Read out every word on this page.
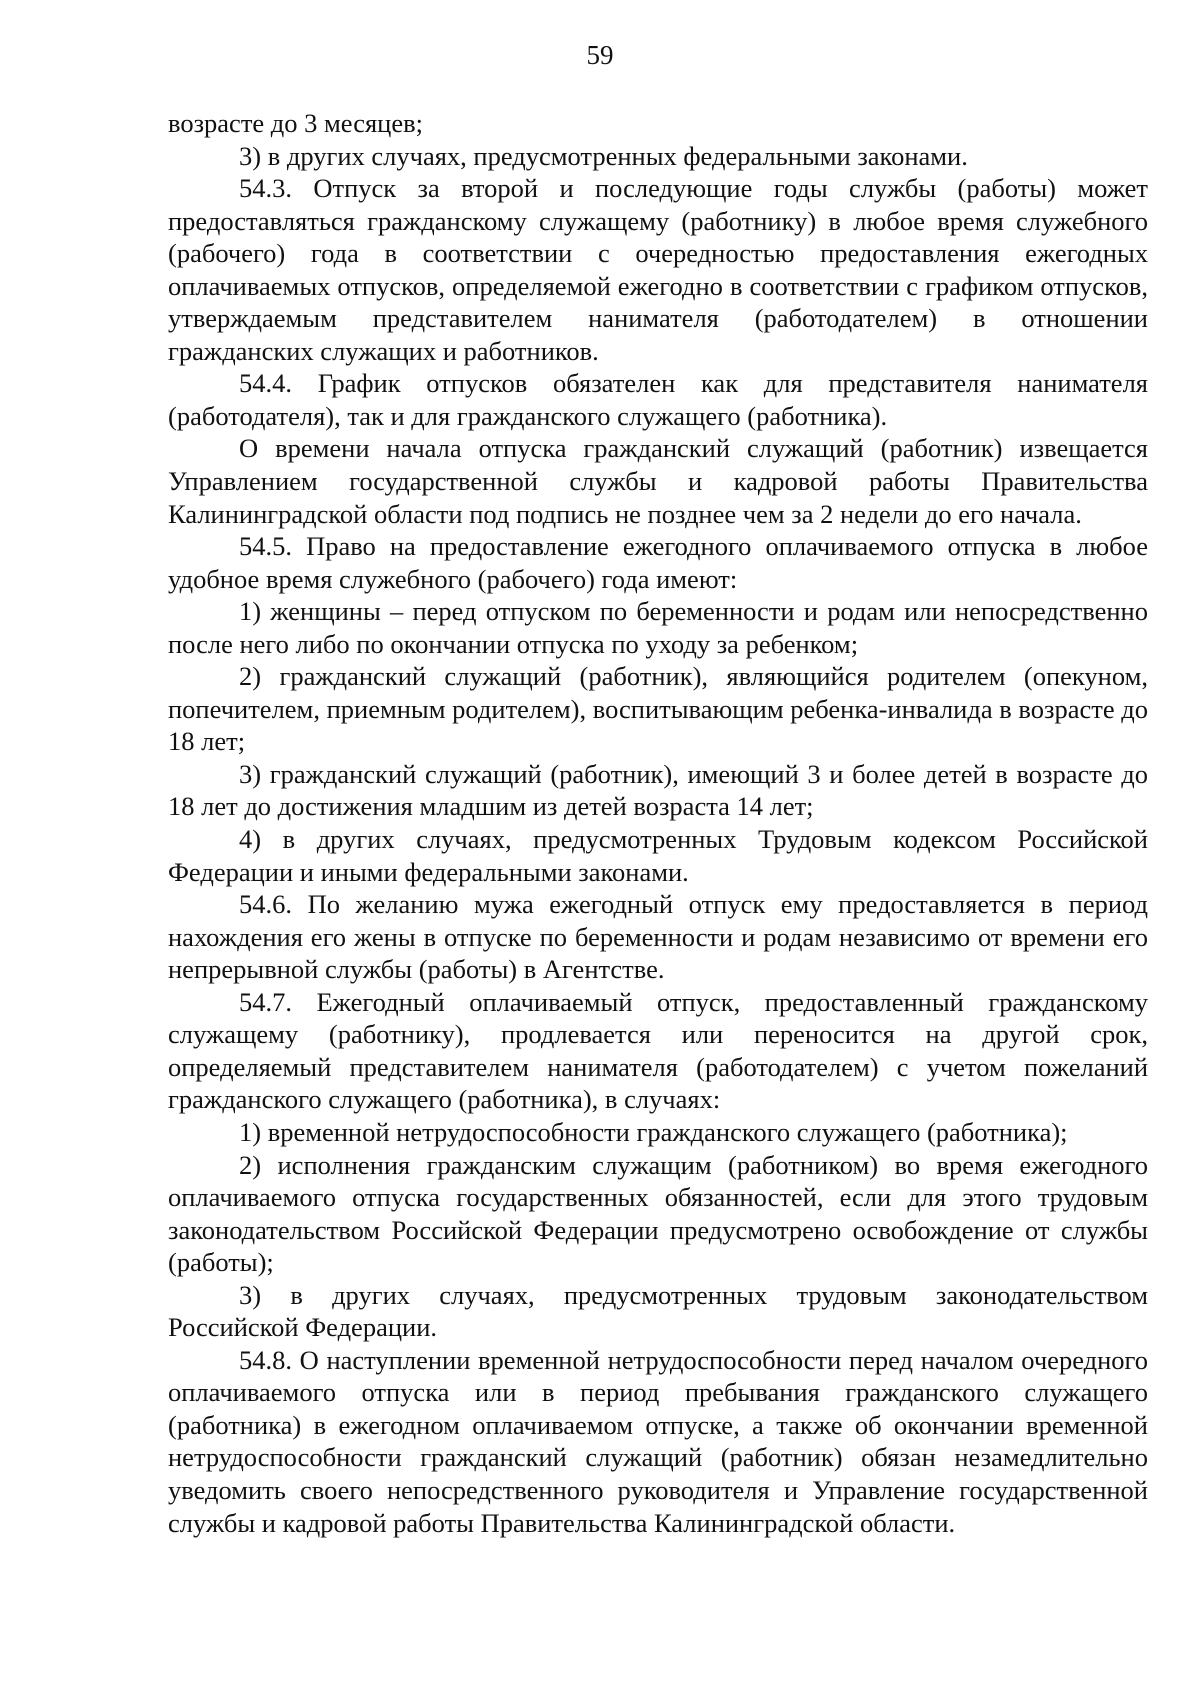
59

возрасте до 3 месяцев;

3) в других случаях, предусмотренных федеральными законами.

54.3. Отпуск за второй и последующие годы службы (работы) может предоставляться гражданскому служащему (работнику) в любое время служебного (рабочего) года в соответствии с очередностью предоставления ежегодных оплачиваемых отпусков, определяемой ежегодно в соответствии с графиком отпусков, утверждаемым представителем нанимателя (работодателем) в отношении гражданских служащих и работников.

54.4. График отпусков обязателен как для представителя нанимателя (работодателя), так и для гражданского служащего (работника).

О времени начала отпуска гражданский служащий (работник) извещается Управлением государственной службы и кадровой работы Правительства Калининградской области под подпись не позднее чем за 2 недели до его начала.

54.5. Право на предоставление ежегодного оплачиваемого отпуска в любое удобное время служебного (рабочего) года имеют:

1) женщины – перед отпуском по беременности и родам или непосредственно после него либо по окончании отпуска по уходу за ребенком;

2) гражданский служащий (работник), являющийся родителем (опекуном, попечителем, приемным родителем), воспитывающим ребенка-инвалида в возрасте до 18 лет;

3) гражданский служащий (работник), имеющий 3 и более детей в возрасте до 18 лет до достижения младшим из детей возраста 14 лет;

4) в других случаях, предусмотренных Трудовым кодексом Российской Федерации и иными федеральными законами.

54.6. По желанию мужа ежегодный отпуск ему предоставляется в период нахождения его жены в отпуске по беременности и родам независимо от времени его непрерывной службы (работы) в Агентстве.

54.7. Ежегодный оплачиваемый отпуск, предоставленный гражданскому служащему (работнику), продлевается или переносится на другой срок, определяемый представителем нанимателя (работодателем) с учетом пожеланий гражданского служащего (работника), в случаях:

1) временной нетрудоспособности гражданского служащего (работника);

2) исполнения гражданским служащим (работником) во время ежегодного оплачиваемого отпуска государственных обязанностей, если для этого трудовым законодательством Российской Федерации предусмотрено освобождение от службы (работы);

3) в других случаях, предусмотренных трудовым законодательством Российской Федерации.

54.8. О наступлении временной нетрудоспособности перед началом очередного оплачиваемого отпуска или в период пребывания гражданского служащего (работника) в ежегодном оплачиваемом отпуске, а также об окончании временной нетрудоспособности гражданский служащий (работник) обязан незамедлительно уведомить своего непосредственного руководителя и Управление государственной службы и кадровой работы Правительства Калининградской области.
